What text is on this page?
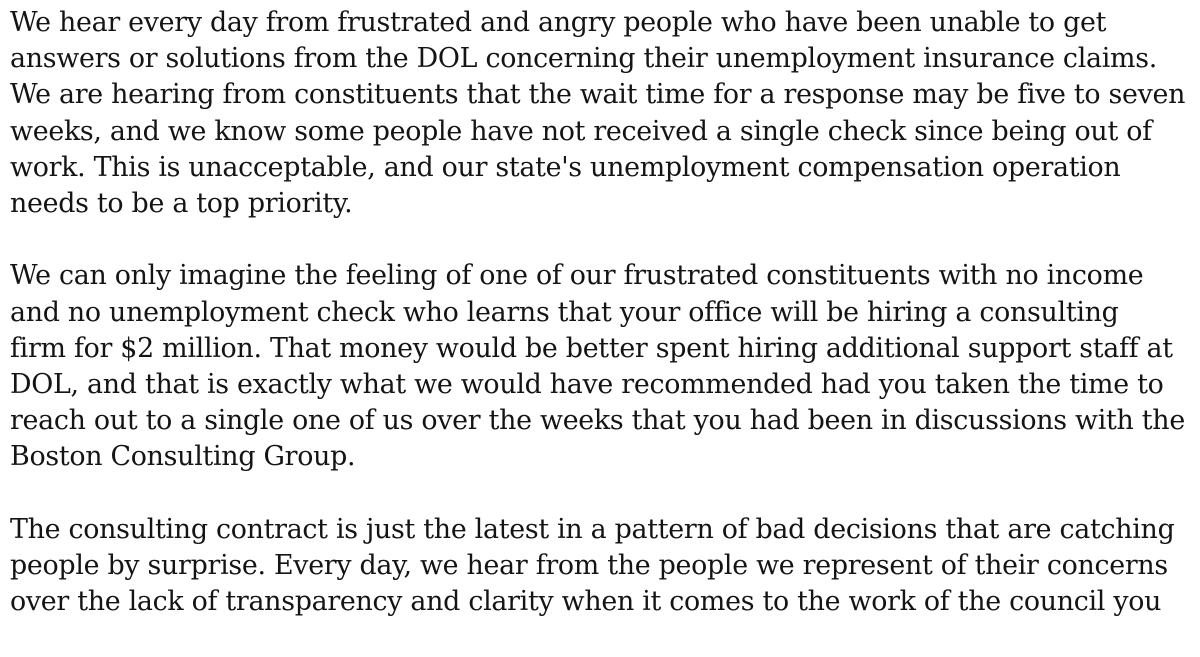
We hear every day from frustrated and angry people who have been unable to get
answers or solutions from the DOL concerning their unemployment insurance claims.
We are hearing from constituents that the wait time for a response may be five to seven
weeks, and we know some people have not received a single check since being out of
work. This is unacceptable, and our state's unemployment compensation operation
needs to be a top priority.

We can only imagine the feeling of one of our frustrated constituents with no income
and no unemployment check who learns that your office will be hiring a consulting
firm for $2 million. That money would be better spent hiring additional support staff at
DOL, and that is exactly what we would have recommended had you taken the time to
reach out to a single one of us over the weeks that you had been in discussions with the
Boston Consulting Group.

The consulting contract is just the latest in a pattern of bad decisions that are catching
people by surprise. Every day, we hear from the people we represent of their concerns
over the lack of transparency and clarity when it comes to the work of the council you
